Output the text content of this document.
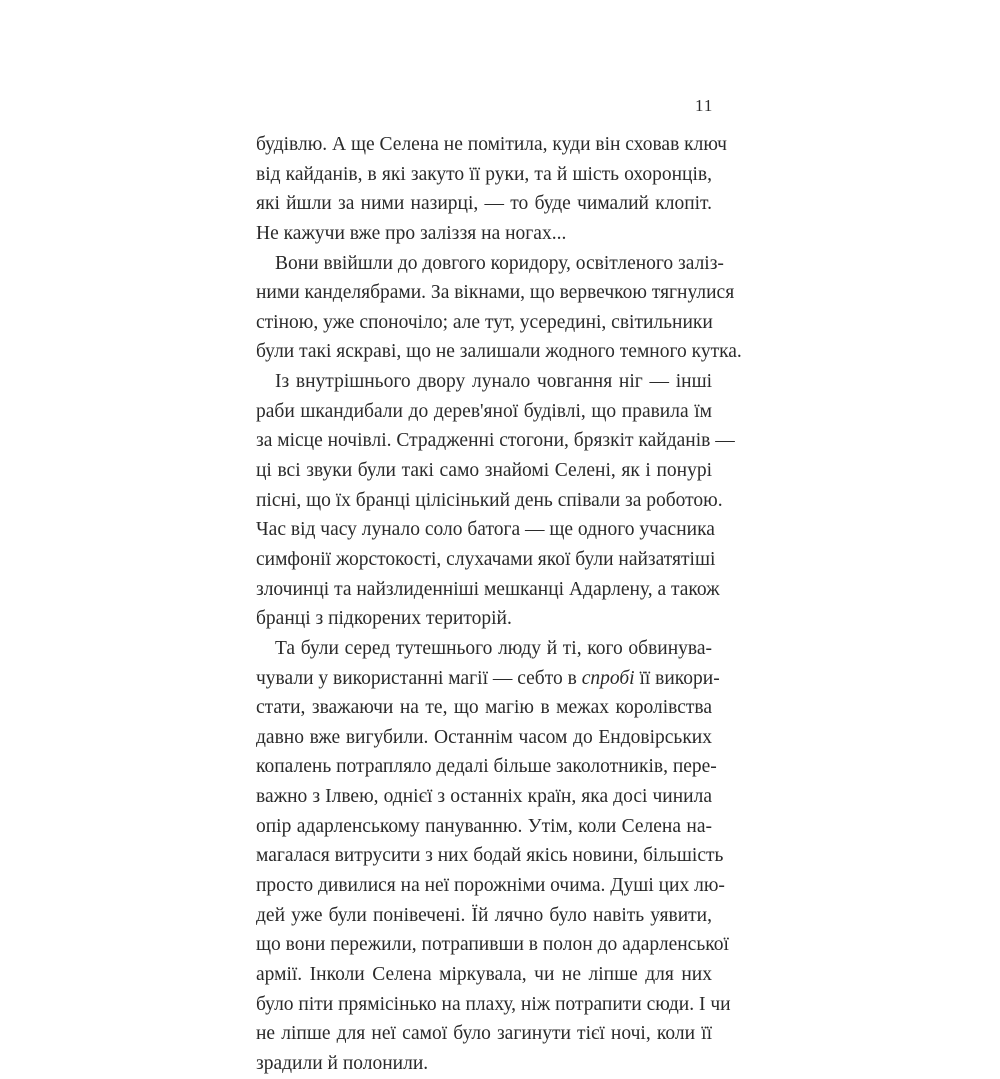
11
будівлю. А ще Селена не помітила, куди він сховав ключ
від кайданів, в які закуто її руки, та й шість охоронців,
які йшли за ними назирці, — то буде чималий клопіт.
Не кажучи вже про заліззя на ногах...
Вони ввійшли до довгого коридору, освітленого заліз-
ними канделябрами. За вікнами, що вервечкою тягнулися
стіною, уже споночіло; але тут, усередині, світильники
були такі яскраві, що не залишали жодного темного кутка.
Із внутрішнього двору лунало човгання ніг — інші
раби шкандибали до дерев'яної будівлі, що правила їм
за місце ночівлі. Страдженні стогони, брязкіт кайданів —
ці всі звуки були такі само знайомі Селені, як і понурі
пісні, що їх бранці цілісінький день співали за роботою.
Час від часу лунало соло батога — ще одного учасника
симфонії жорстокості, слухачами якої були найзатятіші
злочинці та найзлиденніші мешканці Адарлену, а також
бранці з підкорених територій.
Та були серед тутешнього люду й ті, кого обвинува-
чували у використанні магії — себто в спробі її викори-
стати, зважаючи на те, що магію в межах королівства
давно вже вигубили. Останнім часом до Ендовірських
копалень потрапляло дедалі більше заколотників, пере-
важно з Ілвею, однієї з останніх країн, яка досі чинила
опір адарленському пануванню. Утім, коли Селена на-
магалася витрусити з них бодай якісь новини, більшість
просто дивилися на неї порожніми очима. Душі цих лю-
дей уже були понівечені. Їй лячно було навіть уявити,
що вони пережили, потрапивши в полон до адарленської
армії. Інколи Селена міркувала, чи не ліпше для них
було піти прямісінько на плаху, ніж потрапити сюди. І чи
не ліпше для неї самої було загинути тієї ночі, коли її
зрадили й полонили.
